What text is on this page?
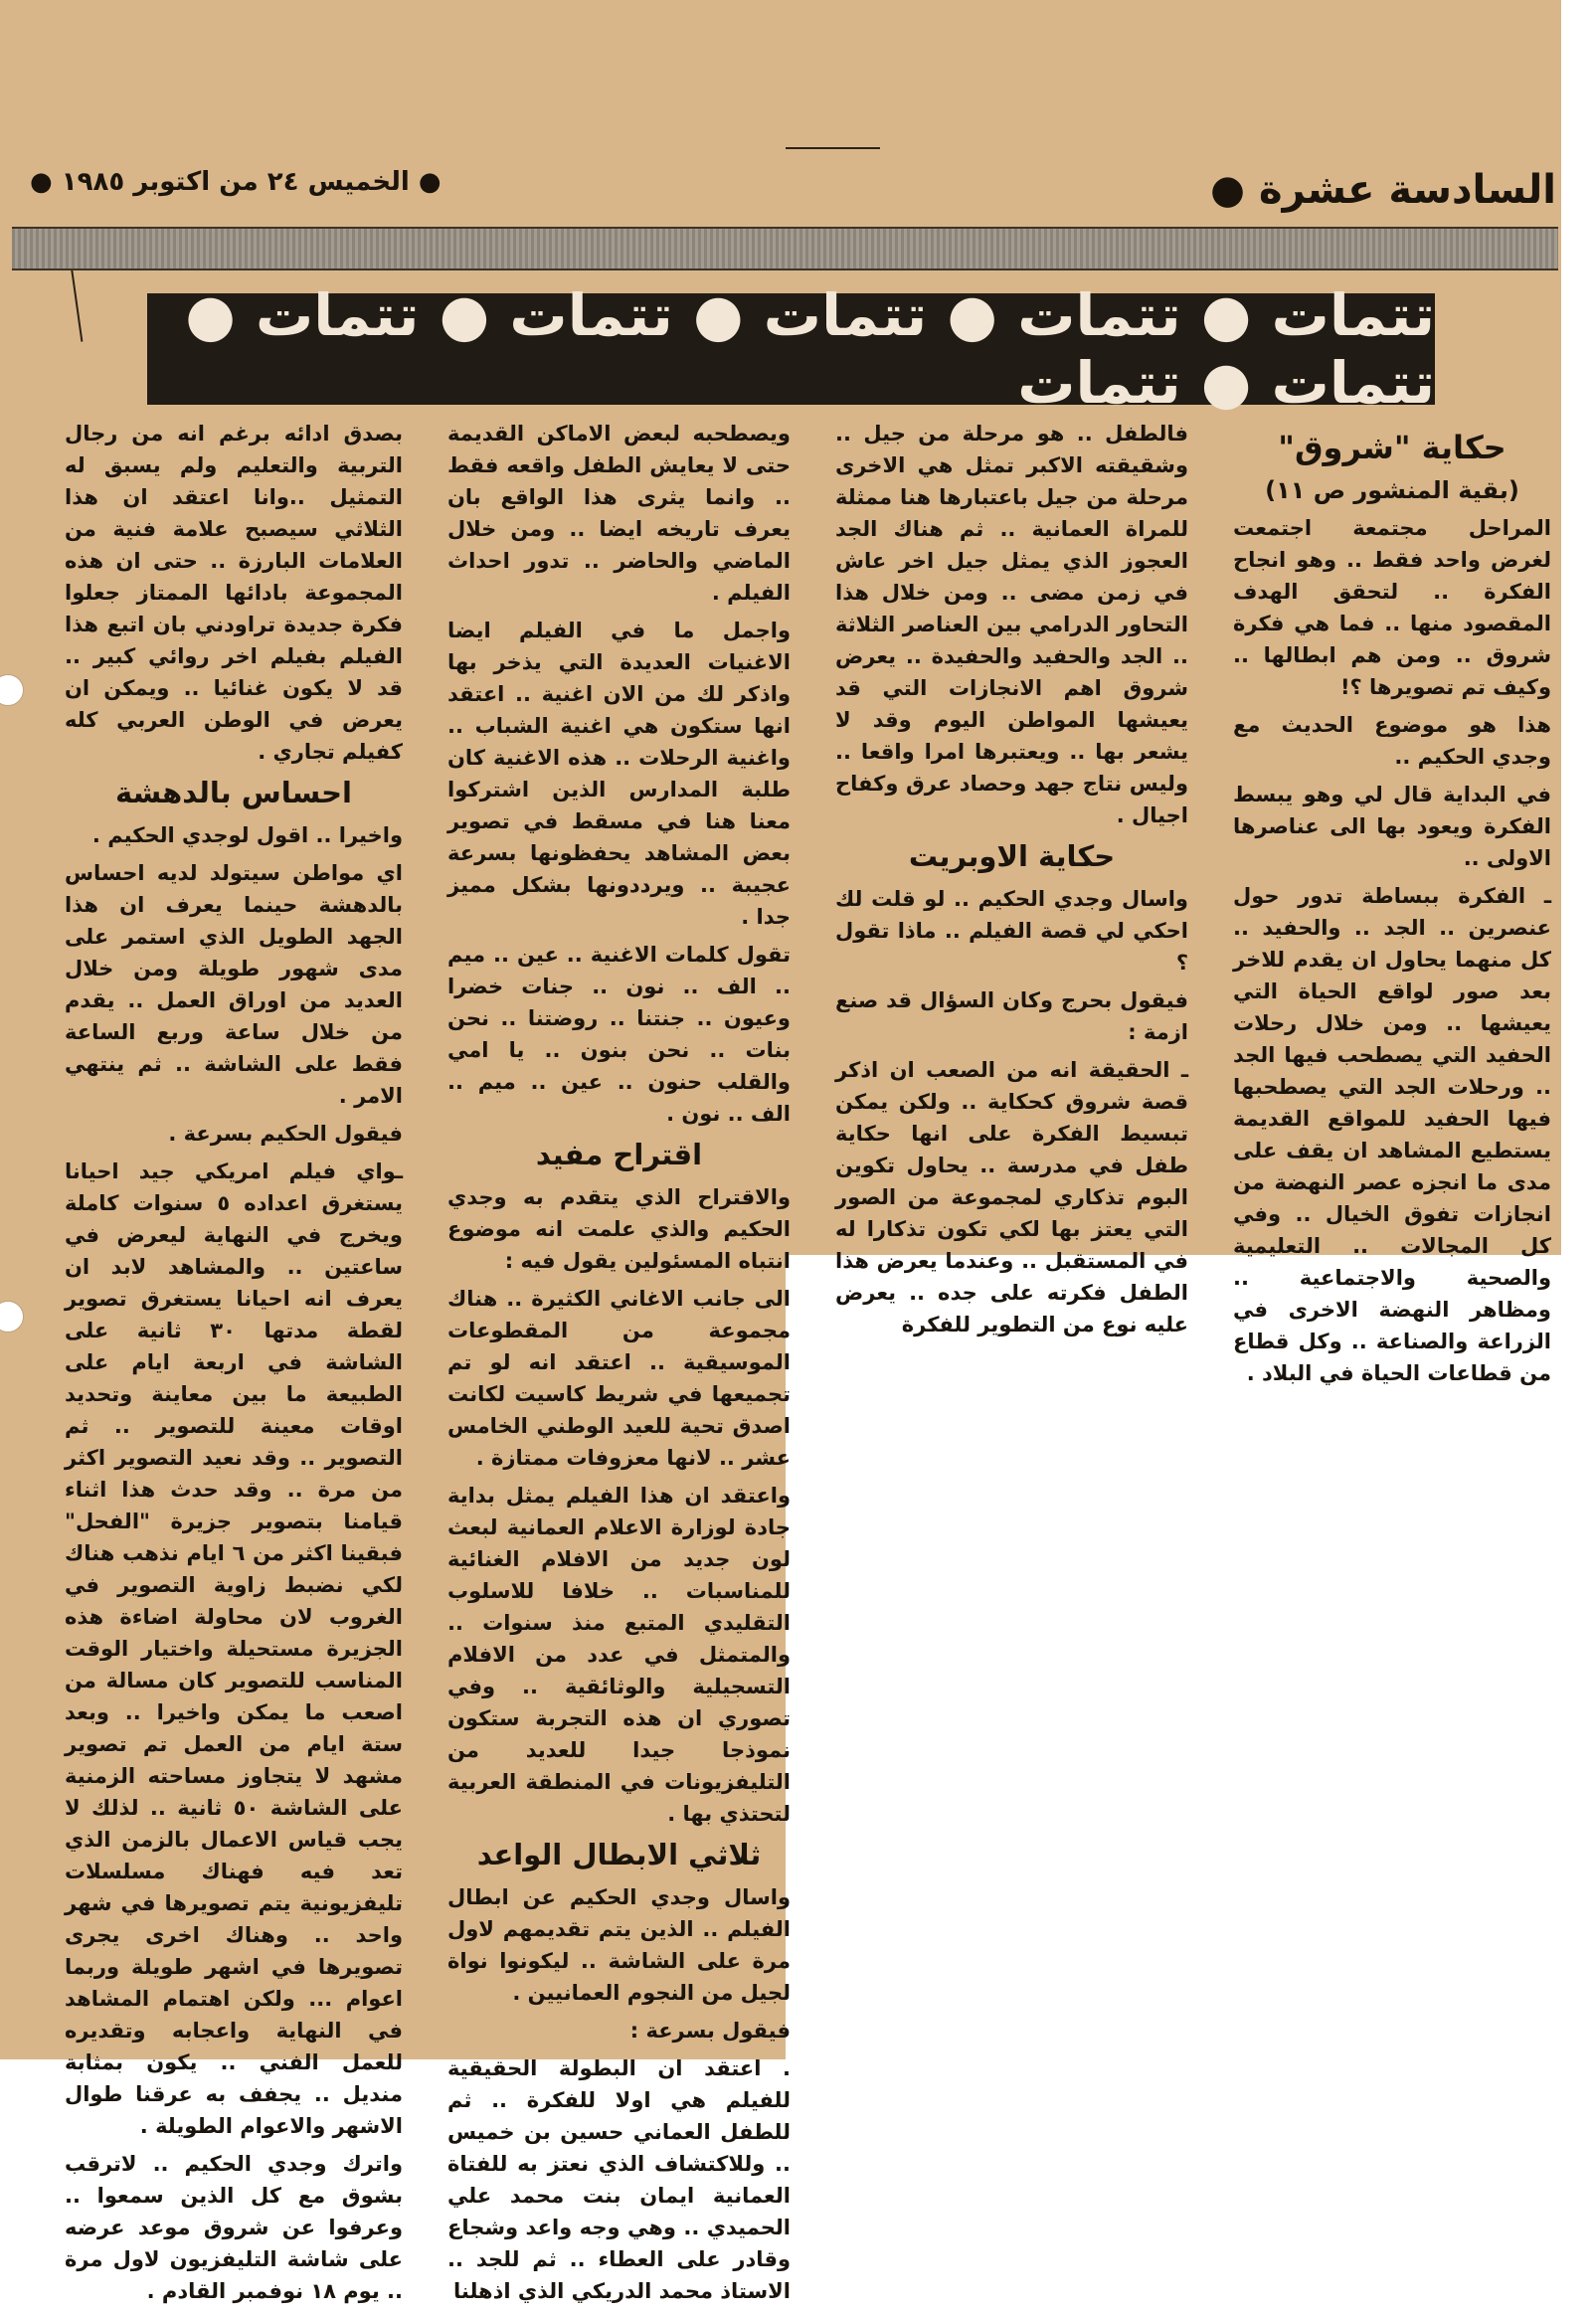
السادسة عشرة ●
● الخميس ٢٤ من اكتوبر ١٩٨٥ ●
تتمات ● تتمات ● تتمات ● تتمات ● تتمات ● تتمات ● تتمات
حكاية "شروق"

(بقية المنشور ص ١١)

المراحل مجتمعة اجتمعت لغرض واحد فقط .. وهو انجاح الفكرة .. لتحقق الهدف المقصود منها .. فما هي فكرة شروق .. ومن هم ابطالها .. وكيف تم تصويرها ؟!

هذا هو موضوع الحديث مع وجدي الحكيم ..

في البداية قال لي وهو يبسط الفكرة ويعود بها الى عناصرها الاولى ..

ـ الفكرة ببساطة تدور حول عنصرين .. الجد .. والحفيد .. كل منهما يحاول ان يقدم للاخر بعد صور لواقع الحياة التي يعيشها .. ومن خلال رحلات الحفيد التي يصطحب فيها الجد .. ورحلات الجد التي يصطحبها فيها الحفيد للمواقع القديمة يستطيع المشاهد ان يقف على مدى ما انجزه عصر النهضة من انجازات تفوق الخيال .. وفي كل المجالات .. التعليمية والصحية والاجتماعية .. ومظاهر النهضة الاخرى في الزراعة والصناعة .. وكل قطاع من قطاعات الحياة في البلاد .

فالطفل .. هو مرحلة من جيل .. وشقيقته الاكبر تمثل هي الاخرى مرحلة من جيل باعتبارها هنا ممثلة للمراة العمانية .. ثم هناك الجد العجوز الذي يمثل جيل اخر عاش في زمن مضى .. ومن خلال هذا التحاور الدرامي بين العناصر الثلاثة .. الجد والحفيد والحفيدة .. يعرض شروق اهم الانجازات التي قد يعيشها المواطن اليوم وقد لا يشعر بها .. ويعتبرها امرا واقعا .. وليس نتاج جهد وحصاد عرق وكفاح اجيال .

حكاية الاوبريت

واسال وجدي الحكيم .. لو قلت لك احكي لي قصة الفيلم .. ماذا تقول ؟

فيقول بحرج وكان السؤال قد صنع ازمة :

ـ الحقيقة انه من الصعب ان اذكر قصة شروق كحكاية .. ولكن يمكن تبسيط الفكرة على انها حكاية طفل في مدرسة .. يحاول تكوين البوم تذكاري لمجموعة من الصور التي يعتز بها لكي تكون تذكارا له في المستقبل .. وعندما يعرض هذا الطفل فكرته على جده .. يعرض عليه نوع من التطوير للفكرة

ويصطحبه لبعض الاماكن القديمة حتى لا يعايش الطفل واقعه فقط .. وانما يثرى هذا الواقع بان يعرف تاريخه ايضا .. ومن خلال الماضي والحاضر .. تدور احداث الفيلم .

واجمل ما في الفيلم ايضا الاغنيات العديدة التي يذخر بها واذكر لك من الان اغنية .. اعتقد انها ستكون هي اغنية الشباب .. واغنية الرحلات .. هذه الاغنية كان طلبة المدارس الذين اشتركوا معنا هنا في مسقط في تصوير بعض المشاهد يحفظونها بسرعة عجيبة .. ويرددونها بشكل مميز جدا .

تقول كلمات الاغنية .. عين .. ميم .. الف .. نون .. جنات خضرا وعيون .. جنتنا .. روضتنا .. نحن بنات .. نحن بنون .. يا امي والقلب حنون .. عين .. ميم .. الف .. نون .

اقتراح مفيد

والاقتراح الذي يتقدم به وجدي الحكيم والذي علمت انه موضوع انتباه المسئولين يقول فيه :

الى جانب الاغاني الكثيرة .. هناك مجموعة من المقطوعات الموسيقية .. اعتقد انه لو تم تجميعها في شريط كاسيت لكانت اصدق تحية للعيد الوطني الخامس عشر .. لانها معزوفات ممتازة .

واعتقد ان هذا الفيلم يمثل بداية جادة لوزارة الاعلام العمانية لبعث لون جديد من الافلام الغنائية للمناسبات .. خلافا للاسلوب التقليدي المتبع منذ سنوات .. والمتمثل في عدد من الافلام التسجيلية والوثائقية .. وفي تصوري ان هذه التجربة ستكون نموذجا جيدا للعديد من التليفزيونات في المنطقة العربية لتحتذي بها .

ثلاثي الابطال الواعد

واسال وجدي الحكيم عن ابطال الفيلم .. الذين يتم تقديمهم لاول مرة على الشاشة .. ليكونوا نواة لجيل من النجوم العمانيين .

فيقول بسرعة :

. اعتقد ان البطولة الحقيقية للفيلم هي اولا للفكرة .. ثم للطفل العماني حسين بن خميس .. وللاكتشاف الذي نعتز به للفتاة العمانية ايمان بنت محمد علي الحميدي .. وهي وجه واعد وشجاع وقادر على العطاء .. ثم للجد .. الاستاذ محمد الدريكي الذي اذهلنا

بصدق ادائه برغم انه من رجال التربية والتعليم ولم يسبق له التمثيل ..وانا اعتقد ان هذا الثلاثي سيصبح علامة فنية من العلامات البارزة .. حتى ان هذه المجموعة بادائها الممتاز جعلوا فكرة جديدة تراودني بان اتبع هذا الفيلم بفيلم اخر روائي كبير .. قد لا يكون غنائيا .. ويمكن ان يعرض في الوطن العربي كله كفيلم تجاري .

احساس بالدهشة

واخيرا .. اقول لوجدي الحكيم .

اي مواطن سيتولد لديه احساس بالدهشة حينما يعرف ان هذا الجهد الطويل الذي استمر على مدى شهور طويلة ومن خلال العديد من اوراق العمل .. يقدم من خلال ساعة وربع الساعة فقط على الشاشة .. ثم ينتهي الامر .

فيقول الحكيم بسرعة .

ـواي فيلم امريكي جيد احيانا يستغرق اعداده ٥ سنوات كاملة ويخرج في النهاية ليعرض في ساعتين .. والمشاهد لابد ان يعرف انه احيانا يستغرق تصوير لقطة مدتها ٣٠ ثانية على الشاشة في اربعة ايام على الطبيعة ما بين معاينة وتحديد اوقات معينة للتصوير .. ثم التصوير .. وقد نعيد التصوير اكثر من مرة .. وقد حدث هذا اثناء قيامنا بتصوير جزيرة "الفحل" فبقينا اكثر من ٦ ايام نذهب هناك لكي نضبط زاوية التصوير في الغروب لان محاولة اضاءة هذه الجزيرة مستحيلة واختيار الوقت المناسب للتصوير كان مسالة من اصعب ما يمكن واخيرا .. وبعد ستة ايام من العمل تم تصوير مشهد لا يتجاوز مساحته الزمنية على الشاشة ٥٠ ثانية .. لذلك لا يجب قياس الاعمال بالزمن الذي تعد فيه فهناك مسلسلات تليفزيونية يتم تصويرها في شهر واحد .. وهناك اخرى يجرى تصويرها في اشهر طويلة وربما اعوام ... ولكن اهتمام المشاهد في النهاية واعجابه وتقديره للعمل الفني .. يكون بمثابة منديل .. يجفف به عرقنا طوال الاشهر والاعوام الطويلة .

واترك وجدي الحكيم .. لاترقب بشوق مع كل الذين سمعوا .. وعرفوا عن شروق موعد عرضه على شاشة التليفزيون لاول مرة .. يوم ١٨ نوفمبر القادم .
